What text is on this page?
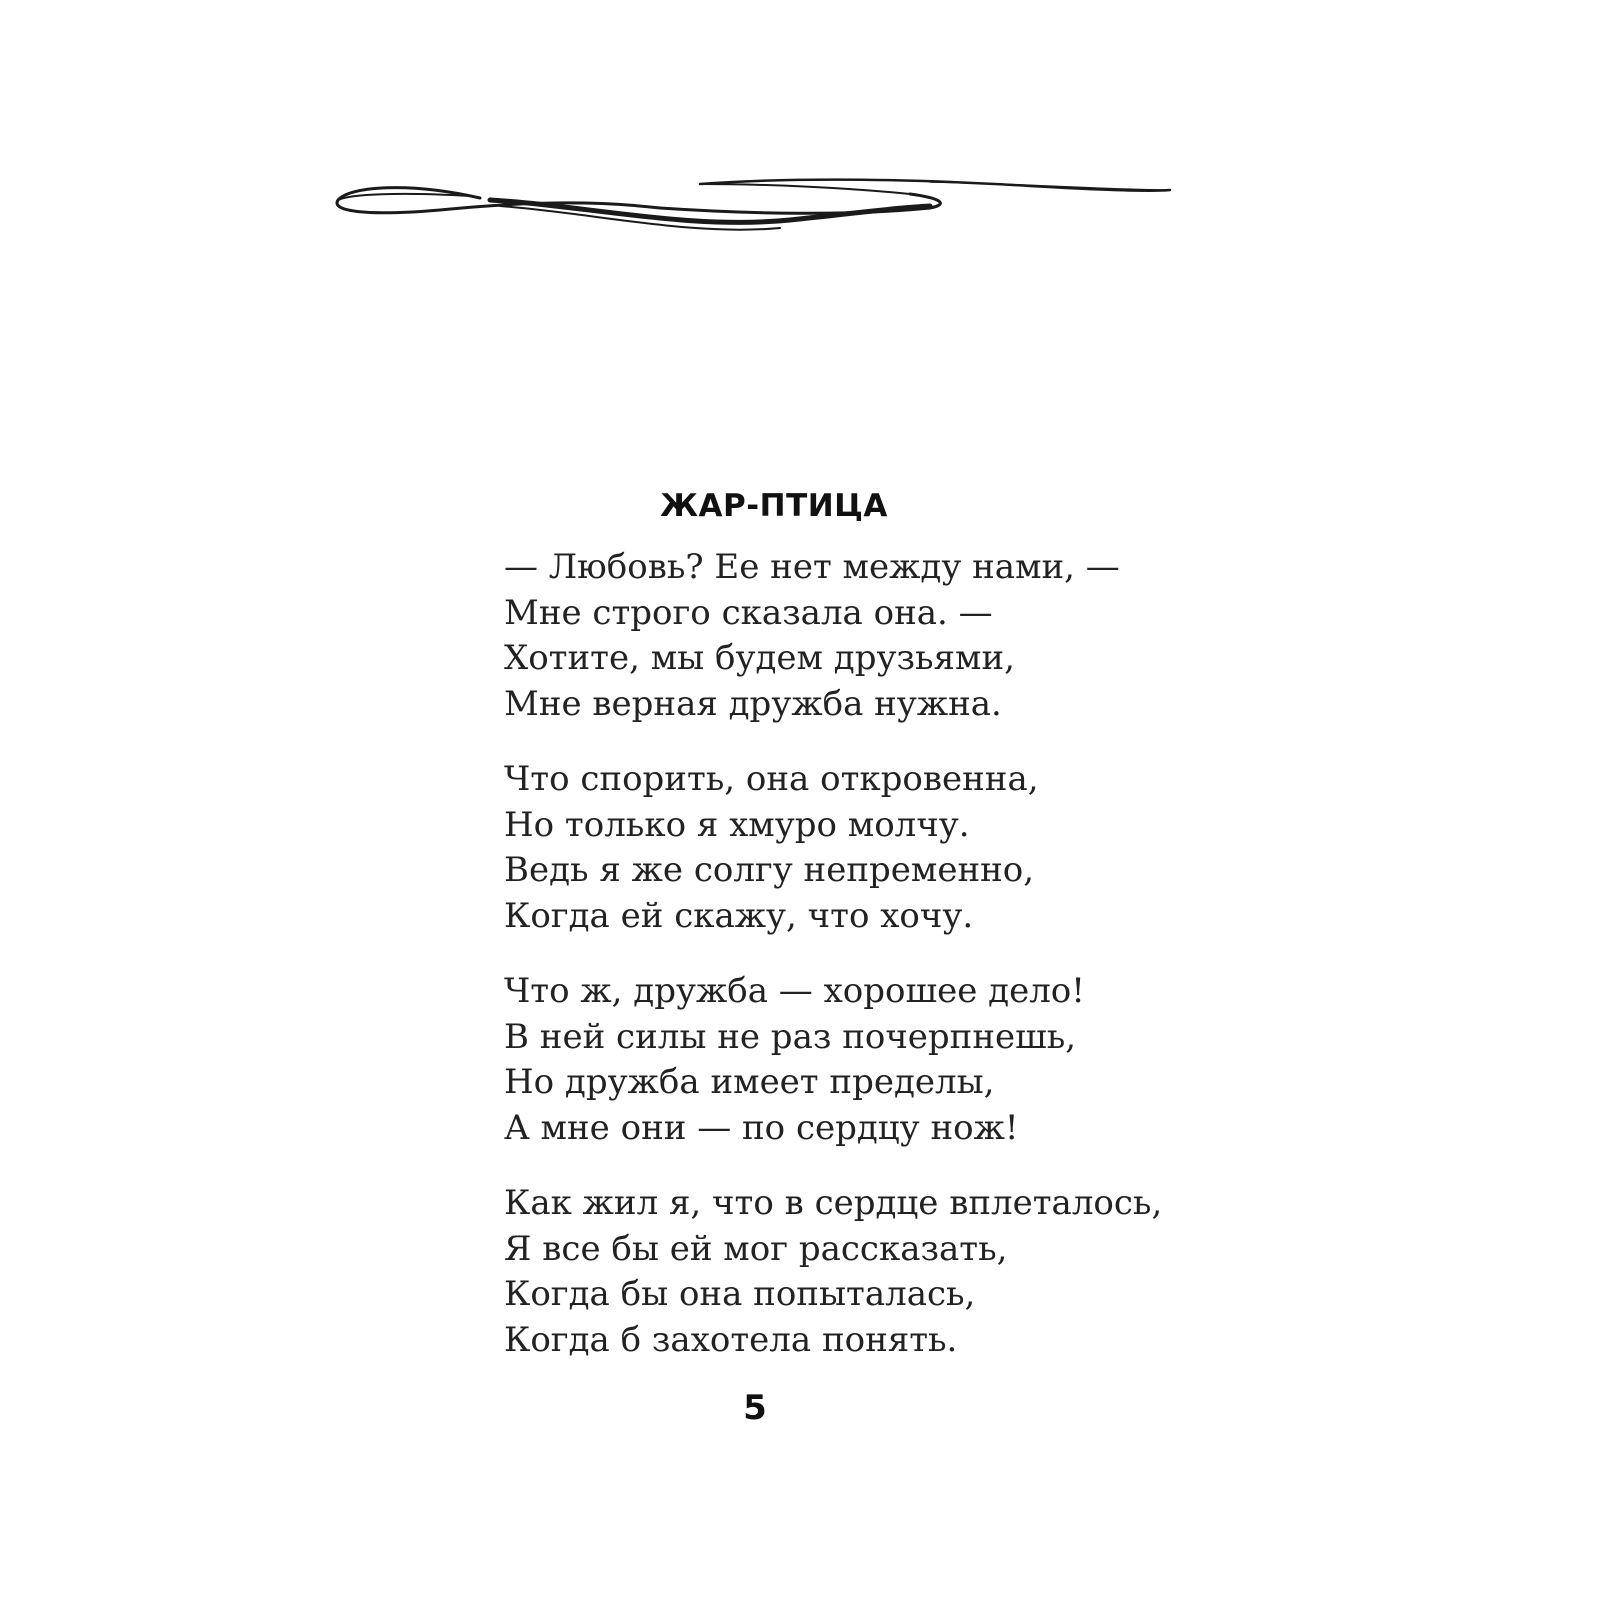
ЖАР-ПТИЦА
— Любовь? Ее нет между нами, —
Мне строго сказала она. —
Хотите, мы будем друзьями,
Мне верная дружба нужна.
Что спорить, она откровенна,
Но только я хмуро молчу.
Ведь я же солгу непременно,
Когда ей скажу, что хочу.
Что ж, дружба — хорошее дело!
В ней силы не раз почерпнешь,
Но дружба имеет пределы,
А мне они — по сердцу нож!
Как жил я, что в сердце вплеталось,
Я все бы ей мог рассказать,
Когда бы она попыталась,
Когда б захотела понять.
5
